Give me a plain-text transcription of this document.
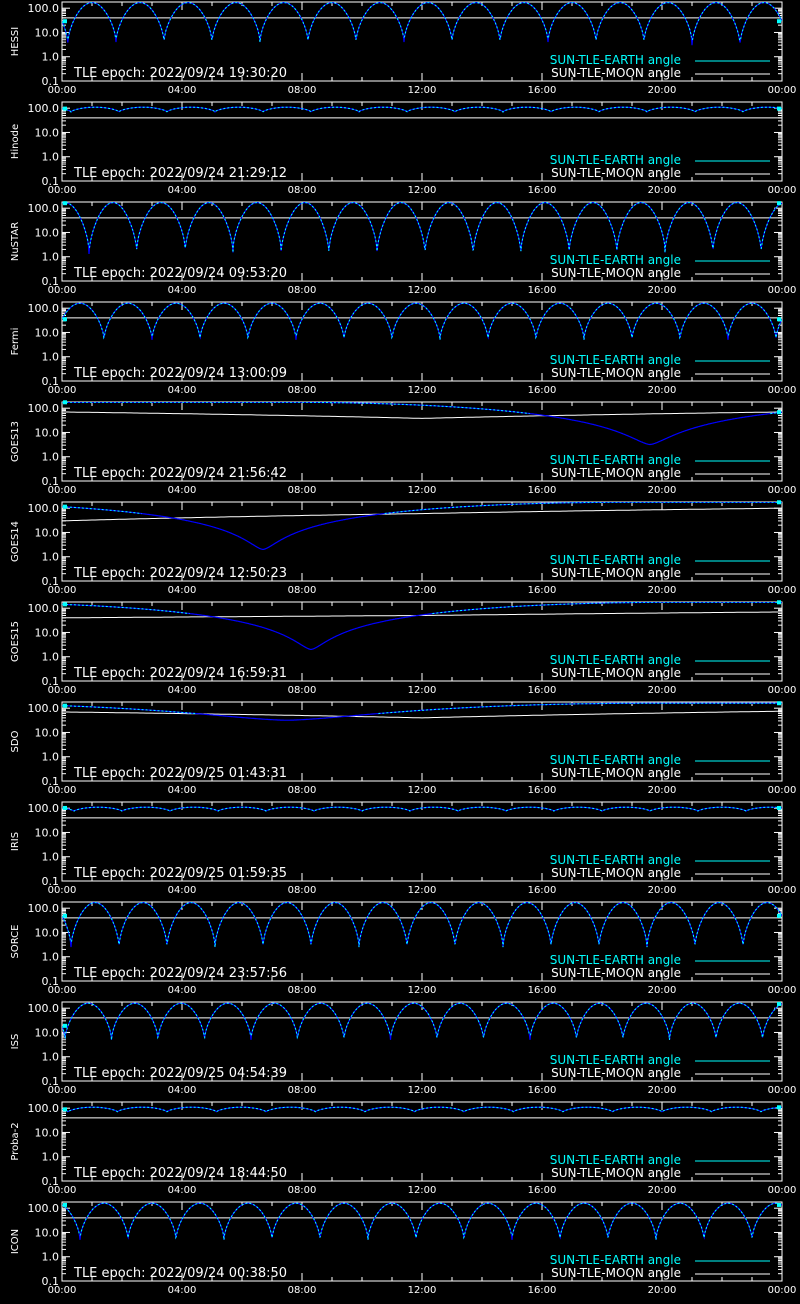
100.0
10.0
1.0
0.1
00:00	04:00	08:00	12:00	16:00	20:00	00:00
HESSI
TLE epoch: 2022/09/24 19:30:20
SUN-TLE-EARTH angle
SUN-TLE-MOON angle
100.0
10.0
1.0
0.1
00:00	04:00	08:00	12:00	16:00	20:00	00:00
Hinode
TLE epoch: 2022/09/24 21:29:12
SUN-TLE-EARTH angle
SUN-TLE-MOON angle
100.0
10.0
1.0
0.1
00:00	04:00	08:00	12:00	16:00	20:00	00:00
NuSTAR
TLE epoch: 2022/09/24 09:53:20
SUN-TLE-EARTH angle
SUN-TLE-MOON angle
100.0
10.0
1.0
0.1
00:00	04:00	08:00	12:00	16:00	20:00	00:00
Fermi
TLE epoch: 2022/09/24 13:00:09
SUN-TLE-EARTH angle
SUN-TLE-MOON angle
100.0
10.0
1.0
0.1
00:00	04:00	08:00	12:00	16:00	20:00	00:00
GOES13
TLE epoch: 2022/09/24 21:56:42
SUN-TLE-EARTH angle
SUN-TLE-MOON angle
100.0
10.0
1.0
0.1
00:00	04:00	08:00	12:00	16:00	20:00	00:00
GOES14
TLE epoch: 2022/09/24 12:50:23
SUN-TLE-EARTH angle
SUN-TLE-MOON angle
100.0
10.0
1.0
0.1
00:00	04:00	08:00	12:00	16:00	20:00	00:00
GOES15
TLE epoch: 2022/09/24 16:59:31
SUN-TLE-EARTH angle
SUN-TLE-MOON angle
100.0
10.0
1.0
0.1
00:00	04:00	08:00	12:00	16:00	20:00	00:00
SDO
TLE epoch: 2022/09/25 01:43:31
SUN-TLE-EARTH angle
SUN-TLE-MOON angle
100.0
10.0
1.0
0.1
00:00	04:00	08:00	12:00	16:00	20:00	00:00
IRIS
TLE epoch: 2022/09/25 01:59:35
SUN-TLE-EARTH angle
SUN-TLE-MOON angle
100.0
10.0
1.0
0.1
00:00	04:00	08:00	12:00	16:00	20:00	00:00
SORCE
TLE epoch: 2022/09/24 23:57:56
SUN-TLE-EARTH angle
SUN-TLE-MOON angle
100.0
10.0
1.0
0.1
00:00	04:00	08:00	12:00	16:00	20:00	00:00
ISS
TLE epoch: 2022/09/25 04:54:39
SUN-TLE-EARTH angle
SUN-TLE-MOON angle
100.0
10.0
1.0
0.1
00:00	04:00	08:00	12:00	16:00	20:00	00:00
Proba-2
TLE epoch: 2022/09/24 18:44:50
SUN-TLE-EARTH angle
SUN-TLE-MOON angle
100.0
10.0
1.0
0.1
00:00	04:00	08:00	12:00	16:00	20:00	00:00
ICON
TLE epoch: 2022/09/24 00:38:50
SUN-TLE-EARTH angle
SUN-TLE-MOON angle
